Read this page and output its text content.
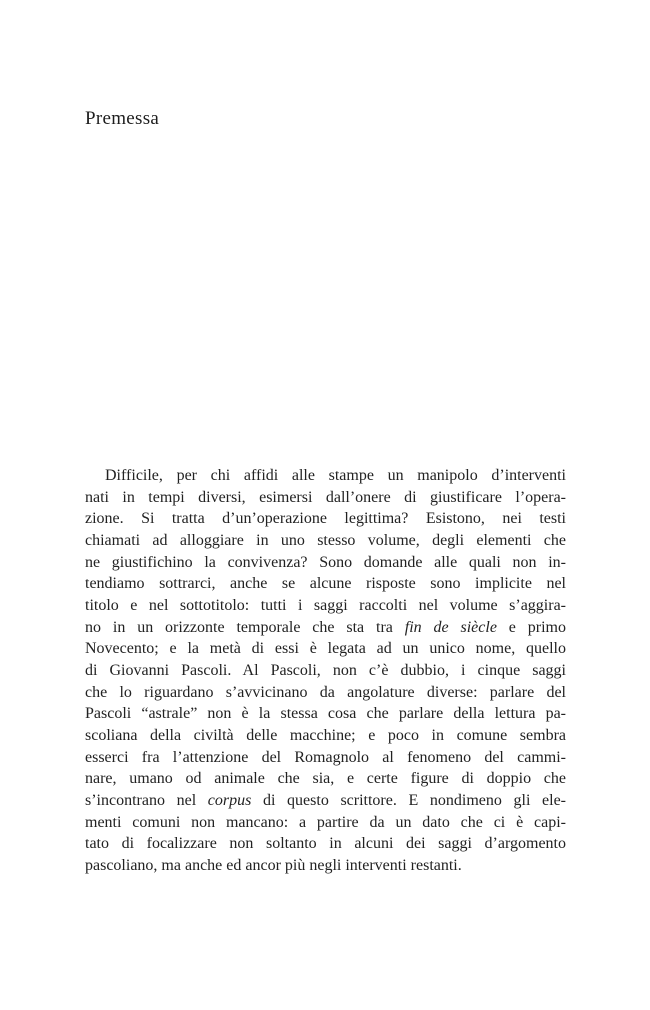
Premessa
Difficile, per chi affidi alle stampe un manipolo d’interventi
nati in tempi diversi, esimersi dall’onere di giustificare l’opera-
zione. Si tratta d’un’operazione legittima? Esistono, nei testi
chiamati ad alloggiare in uno stesso volume, degli elementi che
ne giustifichino la convivenza? Sono domande alle quali non in-
tendiamo sottrarci, anche se alcune risposte sono implicite nel
titolo e nel sottotitolo: tutti i saggi raccolti nel volume s’aggira-
no in un orizzonte temporale che sta tra fin de siècle e primo
Novecento; e la metà di essi è legata ad un unico nome, quello
di Giovanni Pascoli. Al Pascoli, non c’è dubbio, i cinque saggi
che lo riguardano s’avvicinano da angolature diverse: parlare del
Pascoli “astrale” non è la stessa cosa che parlare della lettura pa-
scoliana della civiltà delle macchine; e poco in comune sembra
esserci fra l’attenzione del Romagnolo al fenomeno del cammi-
nare, umano od animale che sia, e certe figure di doppio che
s’incontrano nel corpus di questo scrittore. E nondimeno gli ele-
menti comuni non mancano: a partire da un dato che ci è capi-
tato di focalizzare non soltanto in alcuni dei saggi d’argomento
pascoliano, ma anche ed ancor più negli interventi restanti.
